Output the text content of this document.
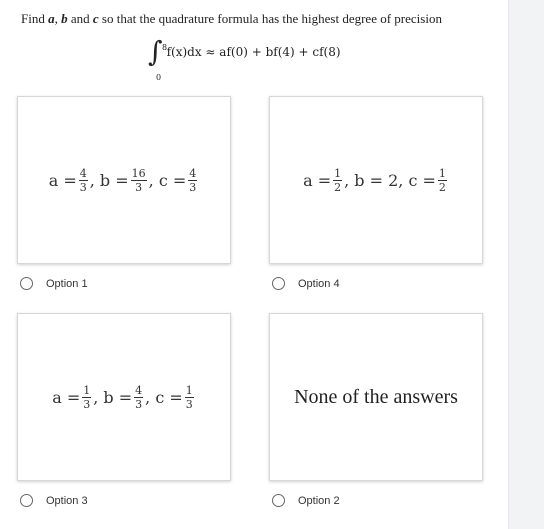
Find a, b and c so that the quadrature formula has the highest degree of precision
∫ 8
0
f(x)dx ≈ af(0) + bf(4) + cf(8)
$a = \frac{4}{3}$ , $b = \frac{16}{3}$ , $c = \frac{4}{3}$
Option 1
$a = \frac{1}{2}$ , b = 2, $c = \frac{1}{2}$
Option 4
$a = \frac{1}{3}$ , $b = \frac{4}{3}$ , $c = \frac{1}{3}$
Option 3
None of the answers
Option 2
